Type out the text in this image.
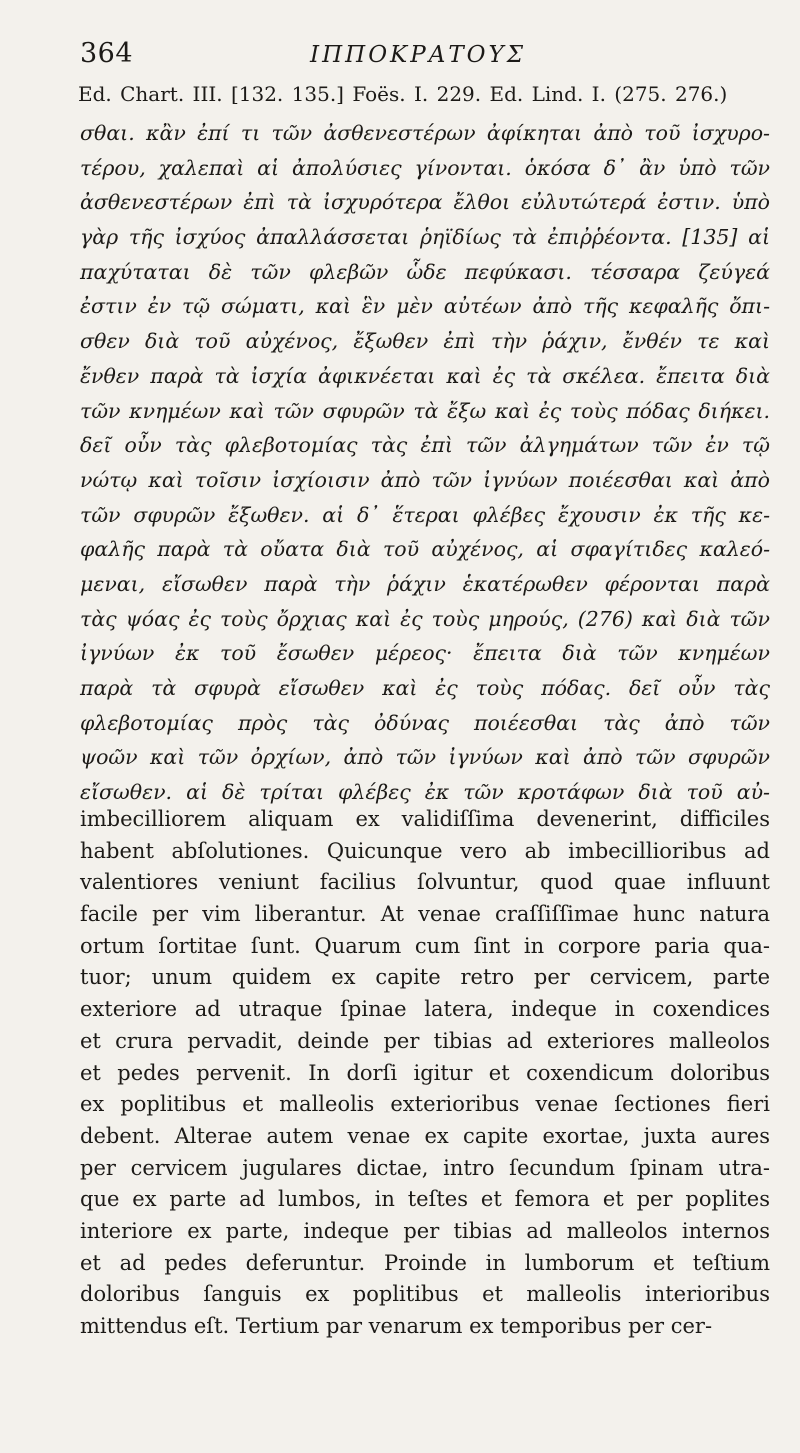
364	ΙΠΠΟΚΡΑΤΟΥΣ
Ed. Chart. III. [132. 135.] Foës. I. 229. Ed. Lind. I. (275. 276.)
σθαι. κἂν ἐπί τι τῶν ἀσθενεστέρων ἀφίκηται ἀπὸ τοῦ ἰσχυρο-
τέρου, χαλεπαὶ αἱ ἀπολύσιες γίνονται. ὁκόσα δ᾽ ἂν ὑπὸ τῶν
ἀσθενεστέρων ἐπὶ τὰ ἰσχυρότερα ἔλθοι εὐλυτώτερά ἐστιν. ὑπὸ
γὰρ τῆς ἰσχύος ἀπαλλάσσεται ῥηϊδίως τὰ ἐπιῤῥέοντα. [135] αἱ
παχύταται δὲ τῶν φλεβῶν ὧδε πεφύκασι. τέσσαρα ζεύγεά
ἐστιν ἐν τῷ σώματι, καὶ ἓν μὲν αὐτέων ἀπὸ τῆς κεφαλῆς ὄπι-
σθεν διὰ τοῦ αὐχένος, ἔξωθεν ἐπὶ τὴν ῥάχιν, ἔνθέν τε καὶ
ἔνθεν παρὰ τὰ ἰσχία ἀφικνέεται καὶ ἐς τὰ σκέλεα. ἔπειτα διὰ
τῶν κνημέων καὶ τῶν σφυρῶν τὰ ἔξω καὶ ἐς τοὺς πόδας διήκει.
δεῖ οὖν τὰς φλεβοτομίας τὰς ἐπὶ τῶν ἀλγημάτων τῶν ἐν τῷ
νώτῳ καὶ τοῖσιν ἰσχίοισιν ἀπὸ τῶν ἰγνύων ποιέεσθαι καὶ ἀπὸ
τῶν σφυρῶν ἔξωθεν. αἱ δ᾽ ἕτεραι φλέβες ἔχουσιν ἐκ τῆς κε-
φαλῆς παρὰ τὰ οὔατα διὰ τοῦ αὐχένος, αἱ σφαγίτιδες καλεό-
μεναι, εἴσωθεν παρὰ τὴν ῥάχιν ἑκατέρωθεν φέρονται παρὰ
τὰς ψόας ἐς τοὺς ὄρχιας καὶ ἐς τοὺς μηρούς, (276) καὶ διὰ τῶν
ἰγνύων ἐκ τοῦ ἔσωθεν μέρεος· ἔπειτα διὰ τῶν κνημέων
παρὰ τὰ σφυρὰ εἴσωθεν καὶ ἐς τοὺς πόδας. δεῖ οὖν τὰς
φλεβοτομίας πρὸς τὰς ὀδύνας ποιέεσθαι τὰς ἀπὸ τῶν
ψοῶν καὶ τῶν ὀρχίων, ἀπὸ τῶν ἰγνύων καὶ ἀπὸ τῶν σφυρῶν
εἴσωθεν. αἱ δὲ τρίται φλέβες ἐκ τῶν κροτάφων διὰ τοῦ αὐ-
imbecilliorem aliquam ex validiſſima devenerint, difficiles
habent abſolutiones. Quicunque vero ab imbecillioribus ad
valentiores veniunt facilius ſolvuntur, quod quae influunt
facile per vim liberantur. At venae craſſiſſimae hunc natura
ortum ſortitae ſunt. Quarum cum ſint in corpore paria qua-
tuor; unum quidem ex capite retro per cervicem, parte
exteriore ad utraque ſpinae latera, indeque in coxendices
et crura pervadit, deinde per tibias ad exteriores malleolos
et pedes pervenit. In dorſi igitur et coxendicum doloribus
ex poplitibus et malleolis exterioribus venae ſectiones fieri
debent. Alterae autem venae ex capite exortae, juxta aures
per cervicem jugulares dictae, intro ſecundum ſpinam utra-
que ex parte ad lumbos, in teſtes et femora et per poplites
interiore ex parte, indeque per tibias ad malleolos internos
et ad pedes deferuntur. Proinde in lumborum et teſtium
doloribus ſanguis ex poplitibus et malleolis interioribus
mittendus eſt. Tertium par venarum ex temporibus per cer-
